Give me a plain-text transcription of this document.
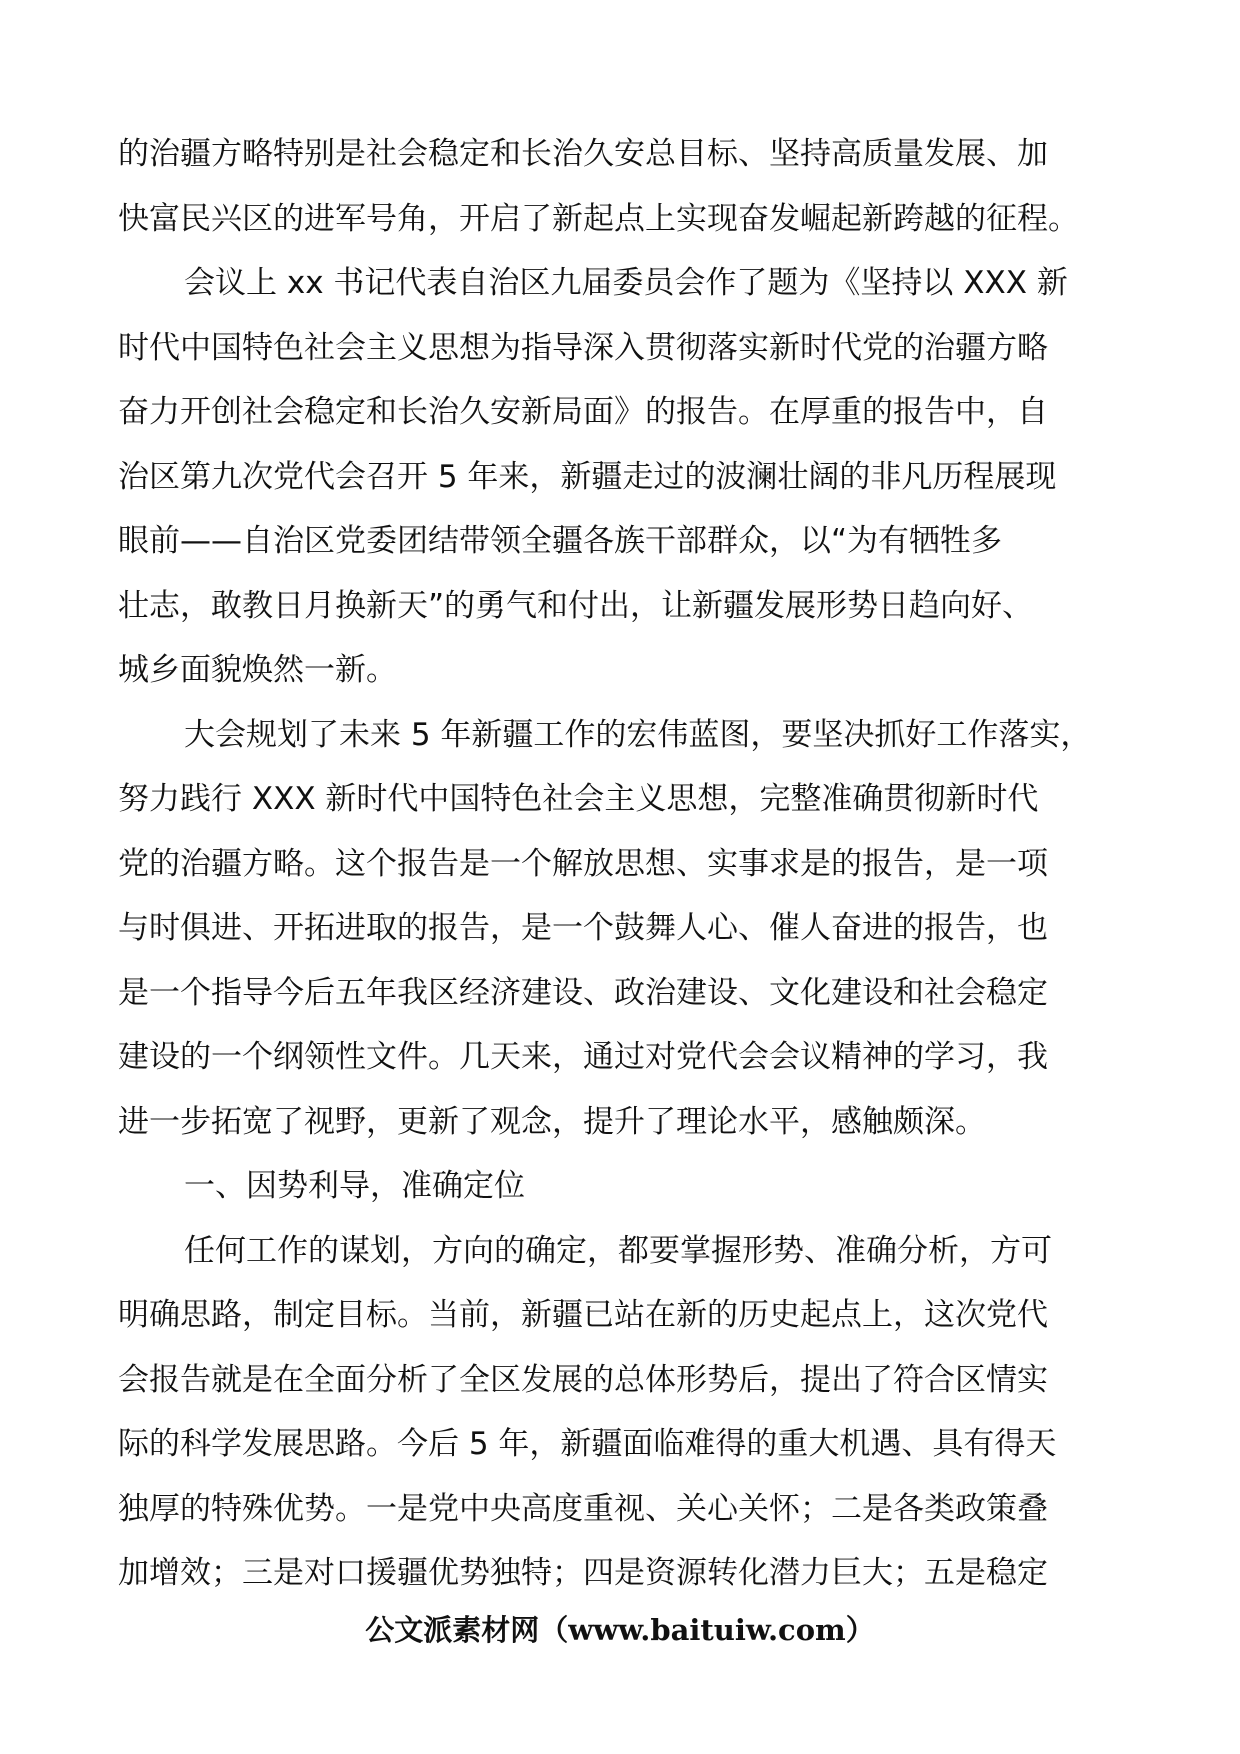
的治疆方略特别是社会稳定和长治久安总目标、坚持高质量发展、加
快富民兴区的进军号角，开启了新起点上实现奋发崛起新跨越的征程。
会议上 xx 书记代表自治区九届委员会作了题为《坚持以 XXX 新
时代中国特色社会主义思想为指导深入贯彻落实新时代党的治疆方略
奋力开创社会稳定和长治久安新局面》的报告。在厚重的报告中，自
治区第九次党代会召开 5 年来，新疆走过的波澜壮阔的非凡历程展现
眼前——自治区党委团结带领全疆各族干部群众，以“为有牺牲多
壮志，敢教日月换新天”的勇气和付出，让新疆发展形势日趋向好、
城乡面貌焕然一新。
大会规划了未来 5 年新疆工作的宏伟蓝图，要坚决抓好工作落实，
努力践行 XXX 新时代中国特色社会主义思想，完整准确贯彻新时代
党的治疆方略。这个报告是一个解放思想、实事求是的报告，是一项
与时俱进、开拓进取的报告，是一个鼓舞人心、催人奋进的报告，也
是一个指导今后五年我区经济建设、政治建设、文化建设和社会稳定
建设的一个纲领性文件。几天来，通过对党代会会议精神的学习，我
进一步拓宽了视野，更新了观念，提升了理论水平，感触颇深。
一、因势利导，准确定位
任何工作的谋划，方向的确定，都要掌握形势、准确分析，方可
明确思路，制定目标。当前，新疆已站在新的历史起点上，这次党代
会报告就是在全面分析了全区发展的总体形势后，提出了符合区情实
际的科学发展思路。今后 5 年，新疆面临难得的重大机遇、具有得天
独厚的特殊优势。一是党中央高度重视、关心关怀；二是各类政策叠
加增效；三是对口援疆优势独特；四是资源转化潜力巨大；五是稳定
公文派素材网（www.baituiw.com）
